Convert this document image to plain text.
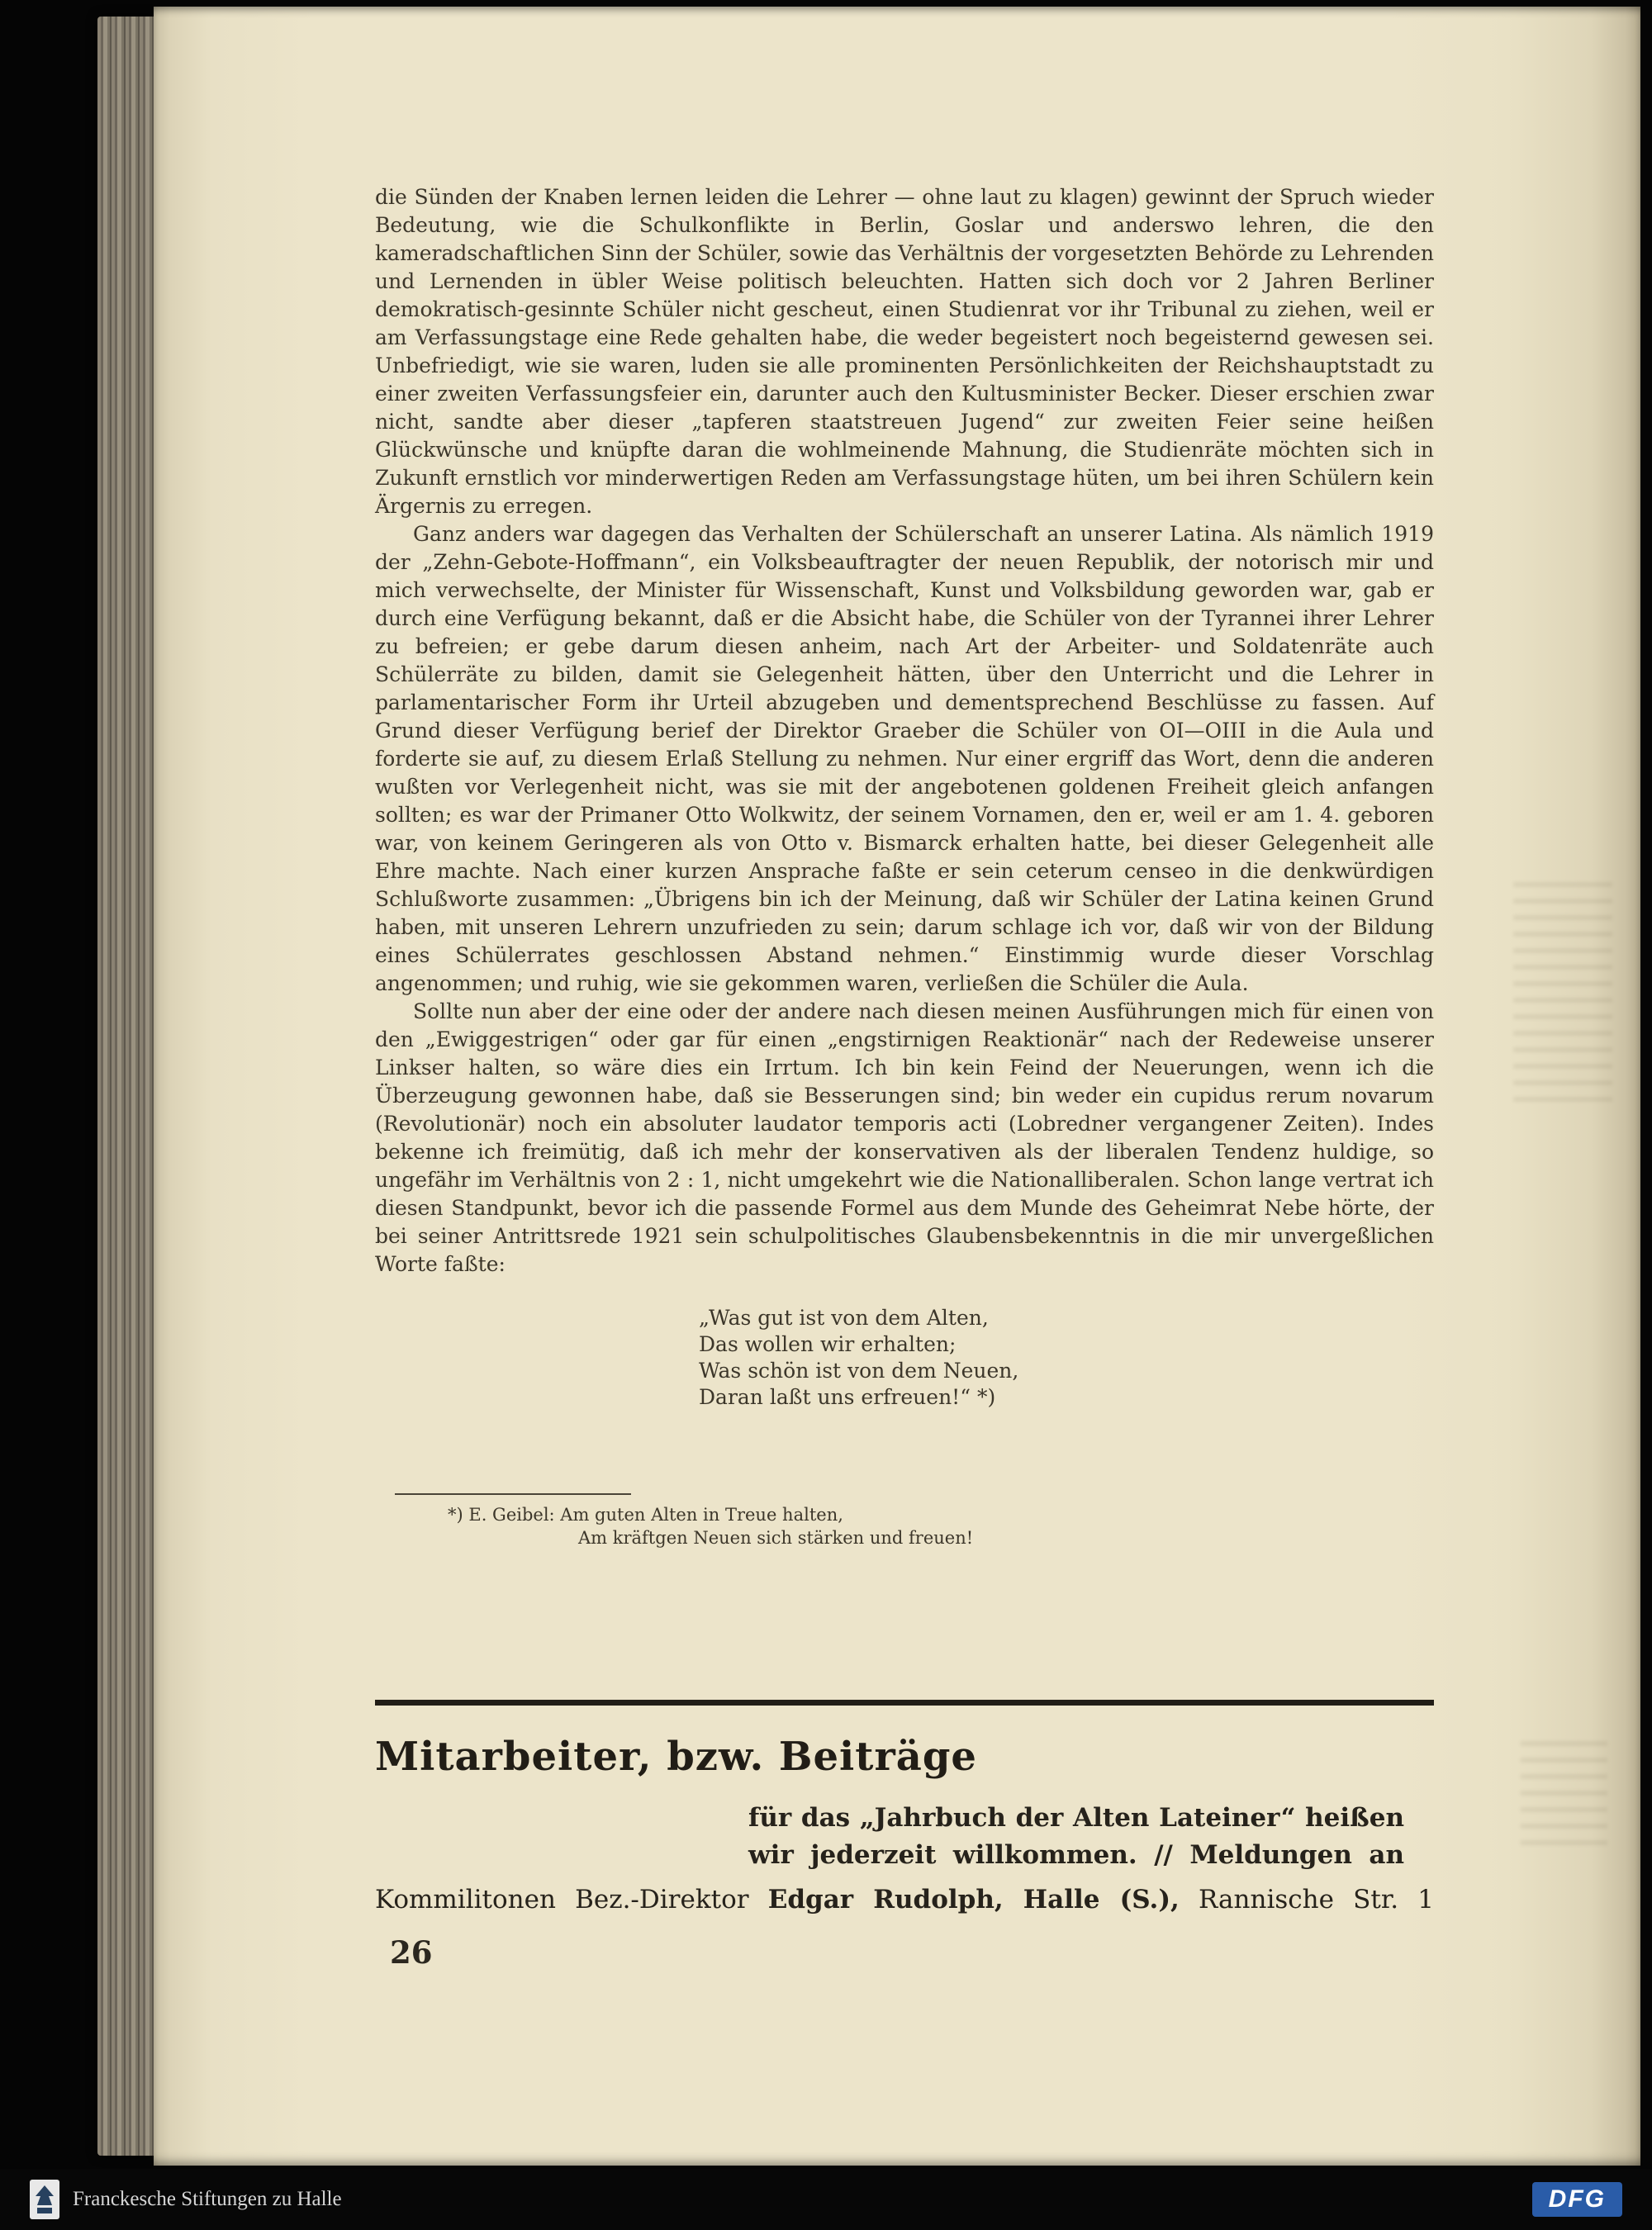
die Sünden der Knaben lernen leiden die Lehrer — ohne laut zu klagen) gewinnt der Spruch wieder Bedeutung, wie die Schulkonflikte in Berlin, Goslar und anderswo lehren, die den kameradschaftlichen Sinn der Schüler, sowie das Verhältnis der vorgesetzten Behörde zu Lehrenden und Lernenden in übler Weise politisch beleuchten. Hatten sich doch vor 2 Jahren Berliner demokratisch-gesinnte Schüler nicht gescheut, einen Studienrat vor ihr Tribunal zu ziehen, weil er am Verfassungstage eine Rede gehalten habe, die weder begeistert noch begeisternd gewesen sei. Unbefriedigt, wie sie waren, luden sie alle prominenten Persönlichkeiten der Reichshauptstadt zu einer zweiten Verfassungsfeier ein, darunter auch den Kultusminister Becker. Dieser erschien zwar nicht, sandte aber dieser „tapferen staatstreuen Jugend“ zur zweiten Feier seine heißen Glückwünsche und knüpfte daran die wohlmeinende Mahnung, die Studienräte möchten sich in Zukunft ernstlich vor minderwertigen Reden am Verfassungstage hüten, um bei ihren Schülern kein Ärgernis zu erregen.

Ganz anders war dagegen das Verhalten der Schülerschaft an unserer Latina. Als nämlich 1919 der „Zehn-Gebote-Hoffmann“, ein Volksbeauftragter der neuen Republik, der notorisch mir und mich verwechselte, der Minister für Wissenschaft, Kunst und Volksbildung geworden war, gab er durch eine Verfügung bekannt, daß er die Absicht habe, die Schüler von der Tyrannei ihrer Lehrer zu befreien; er gebe darum diesen anheim, nach Art der Arbeiter- und Soldatenräte auch Schülerräte zu bilden, damit sie Gelegenheit hätten, über den Unterricht und die Lehrer in parlamentarischer Form ihr Urteil abzugeben und dementsprechend Beschlüsse zu fassen. Auf Grund dieser Verfügung berief der Direktor Graeber die Schüler von OI—OIII in die Aula und forderte sie auf, zu diesem Erlaß Stellung zu nehmen. Nur einer ergriff das Wort, denn die anderen wußten vor Verlegenheit nicht, was sie mit der angebotenen goldenen Freiheit gleich anfangen sollten; es war der Primaner Otto Wolkwitz, der seinem Vornamen, den er, weil er am 1. 4. geboren war, von keinem Geringeren als von Otto v. Bismarck erhalten hatte, bei dieser Gelegenheit alle Ehre machte. Nach einer kurzen Ansprache faßte er sein ceterum censeo in die denkwürdigen Schlußworte zusammen: „Übrigens bin ich der Meinung, daß wir Schüler der Latina keinen Grund haben, mit unseren Lehrern unzufrieden zu sein; darum schlage ich vor, daß wir von der Bildung eines Schülerrates geschlossen Abstand nehmen.“ Einstimmig wurde dieser Vorschlag angenommen; und ruhig, wie sie gekommen waren, verließen die Schüler die Aula.

Sollte nun aber der eine oder der andere nach diesen meinen Ausführungen mich für einen von den „Ewiggestrigen“ oder gar für einen „engstirnigen Reaktionär“ nach der Redeweise unserer Linkser halten, so wäre dies ein Irrtum. Ich bin kein Feind der Neuerungen, wenn ich die Überzeugung gewonnen habe, daß sie Besserungen sind; bin weder ein cupidus rerum novarum (Revolutionär) noch ein absoluter laudator temporis acti (Lobredner vergangener Zeiten). Indes bekenne ich freimütig, daß ich mehr der konservativen als der liberalen Tendenz huldige, so ungefähr im Verhältnis von 2 : 1, nicht umgekehrt wie die Nationalliberalen. Schon lange vertrat ich diesen Standpunkt, bevor ich die passende Formel aus dem Munde des Geheimrat Nebe hörte, der bei seiner Antrittsrede 1921 sein schulpolitisches Glaubensbekenntnis in die mir unvergeßlichen Worte faßte:

„Was gut ist von dem Alten,
Das wollen wir erhalten;
Was schön ist von dem Neuen,
Daran laßt uns erfreuen!“ *)
*) E. Geibel: Am guten Alten in Treue halten,
Am kräftgen Neuen sich stärken und freuen!
Mitarbeiter, bzw. Beiträge
für das „Jahrbuch der Alten Lateiner“ heißen
wir jederzeit willkommen. // Meldungen an
Kommilitonen Bez.-Direktor Edgar Rudolph, Halle (S.), Rannische Str. 1
26
Franckesche Stiftungen zu Halle	DFG
